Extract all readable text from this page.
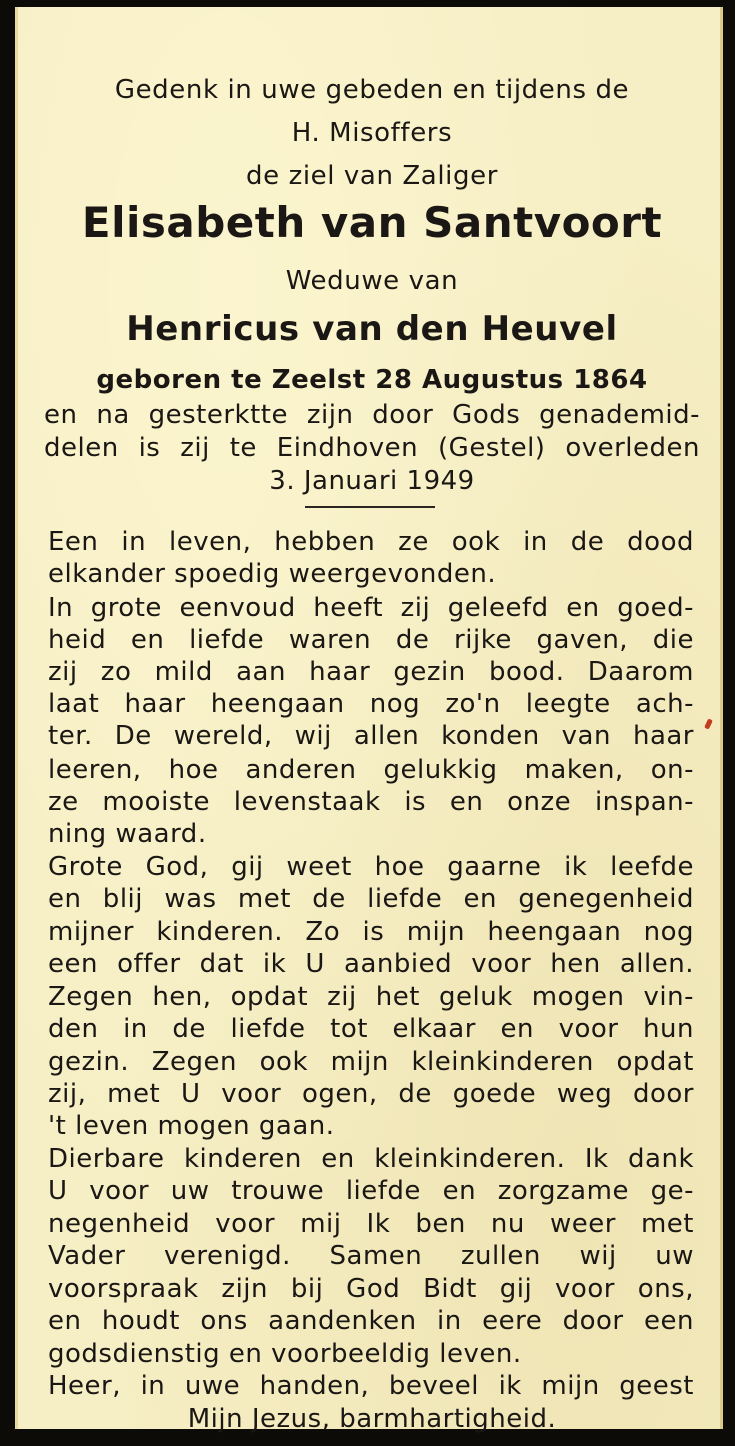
Gedenk in uwe gebeden en tijdens de

H. Misoffers

de ziel van Zaliger

Elisabeth van Santvoort

Weduwe van

Henricus van den Heuvel

geboren te Zeelst 28 Augustus 1864

en na gesterktte zijn door Gods genademid-

delen is zij te Eindhoven (Gestel) overleden

3. Januari 1949

Een in leven, hebben ze ook in de dood

elkander spoedig weergevonden.

In grote eenvoud heeft zij geleefd en goed-

heid en liefde waren de rijke gaven, die

zij zo mild aan haar gezin bood. Daarom

laat haar heengaan nog zo'n leegte ach-

ter. De wereld, wij allen konden van haar

leeren, hoe anderen gelukkig maken, on-

ze mooiste levenstaak is en onze inspan-

ning waard.

Grote God, gij weet hoe gaarne ik leefde

en blij was met de liefde en genegenheid

mijner kinderen. Zo is mijn heengaan nog

een offer dat ik U aanbied voor hen allen.

Zegen hen, opdat zij het geluk mogen vin-

den in de liefde tot elkaar en voor hun

gezin. Zegen ook mijn kleinkinderen opdat

zij, met U voor ogen, de goede weg door

't leven mogen gaan.

Dierbare kinderen en kleinkinderen. Ik dank

U voor uw trouwe liefde en zorgzame ge-

negenheid voor mij Ik ben nu weer met

Vader verenigd. Samen zullen wij uw

voorspraak zijn bij God Bidt gij voor ons,

en houdt ons aandenken in eere door een

godsdienstig en voorbeeldig leven.

Heer, in uwe handen, beveel ik mijn geest

Mijn Jezus, barmhartigheid.
